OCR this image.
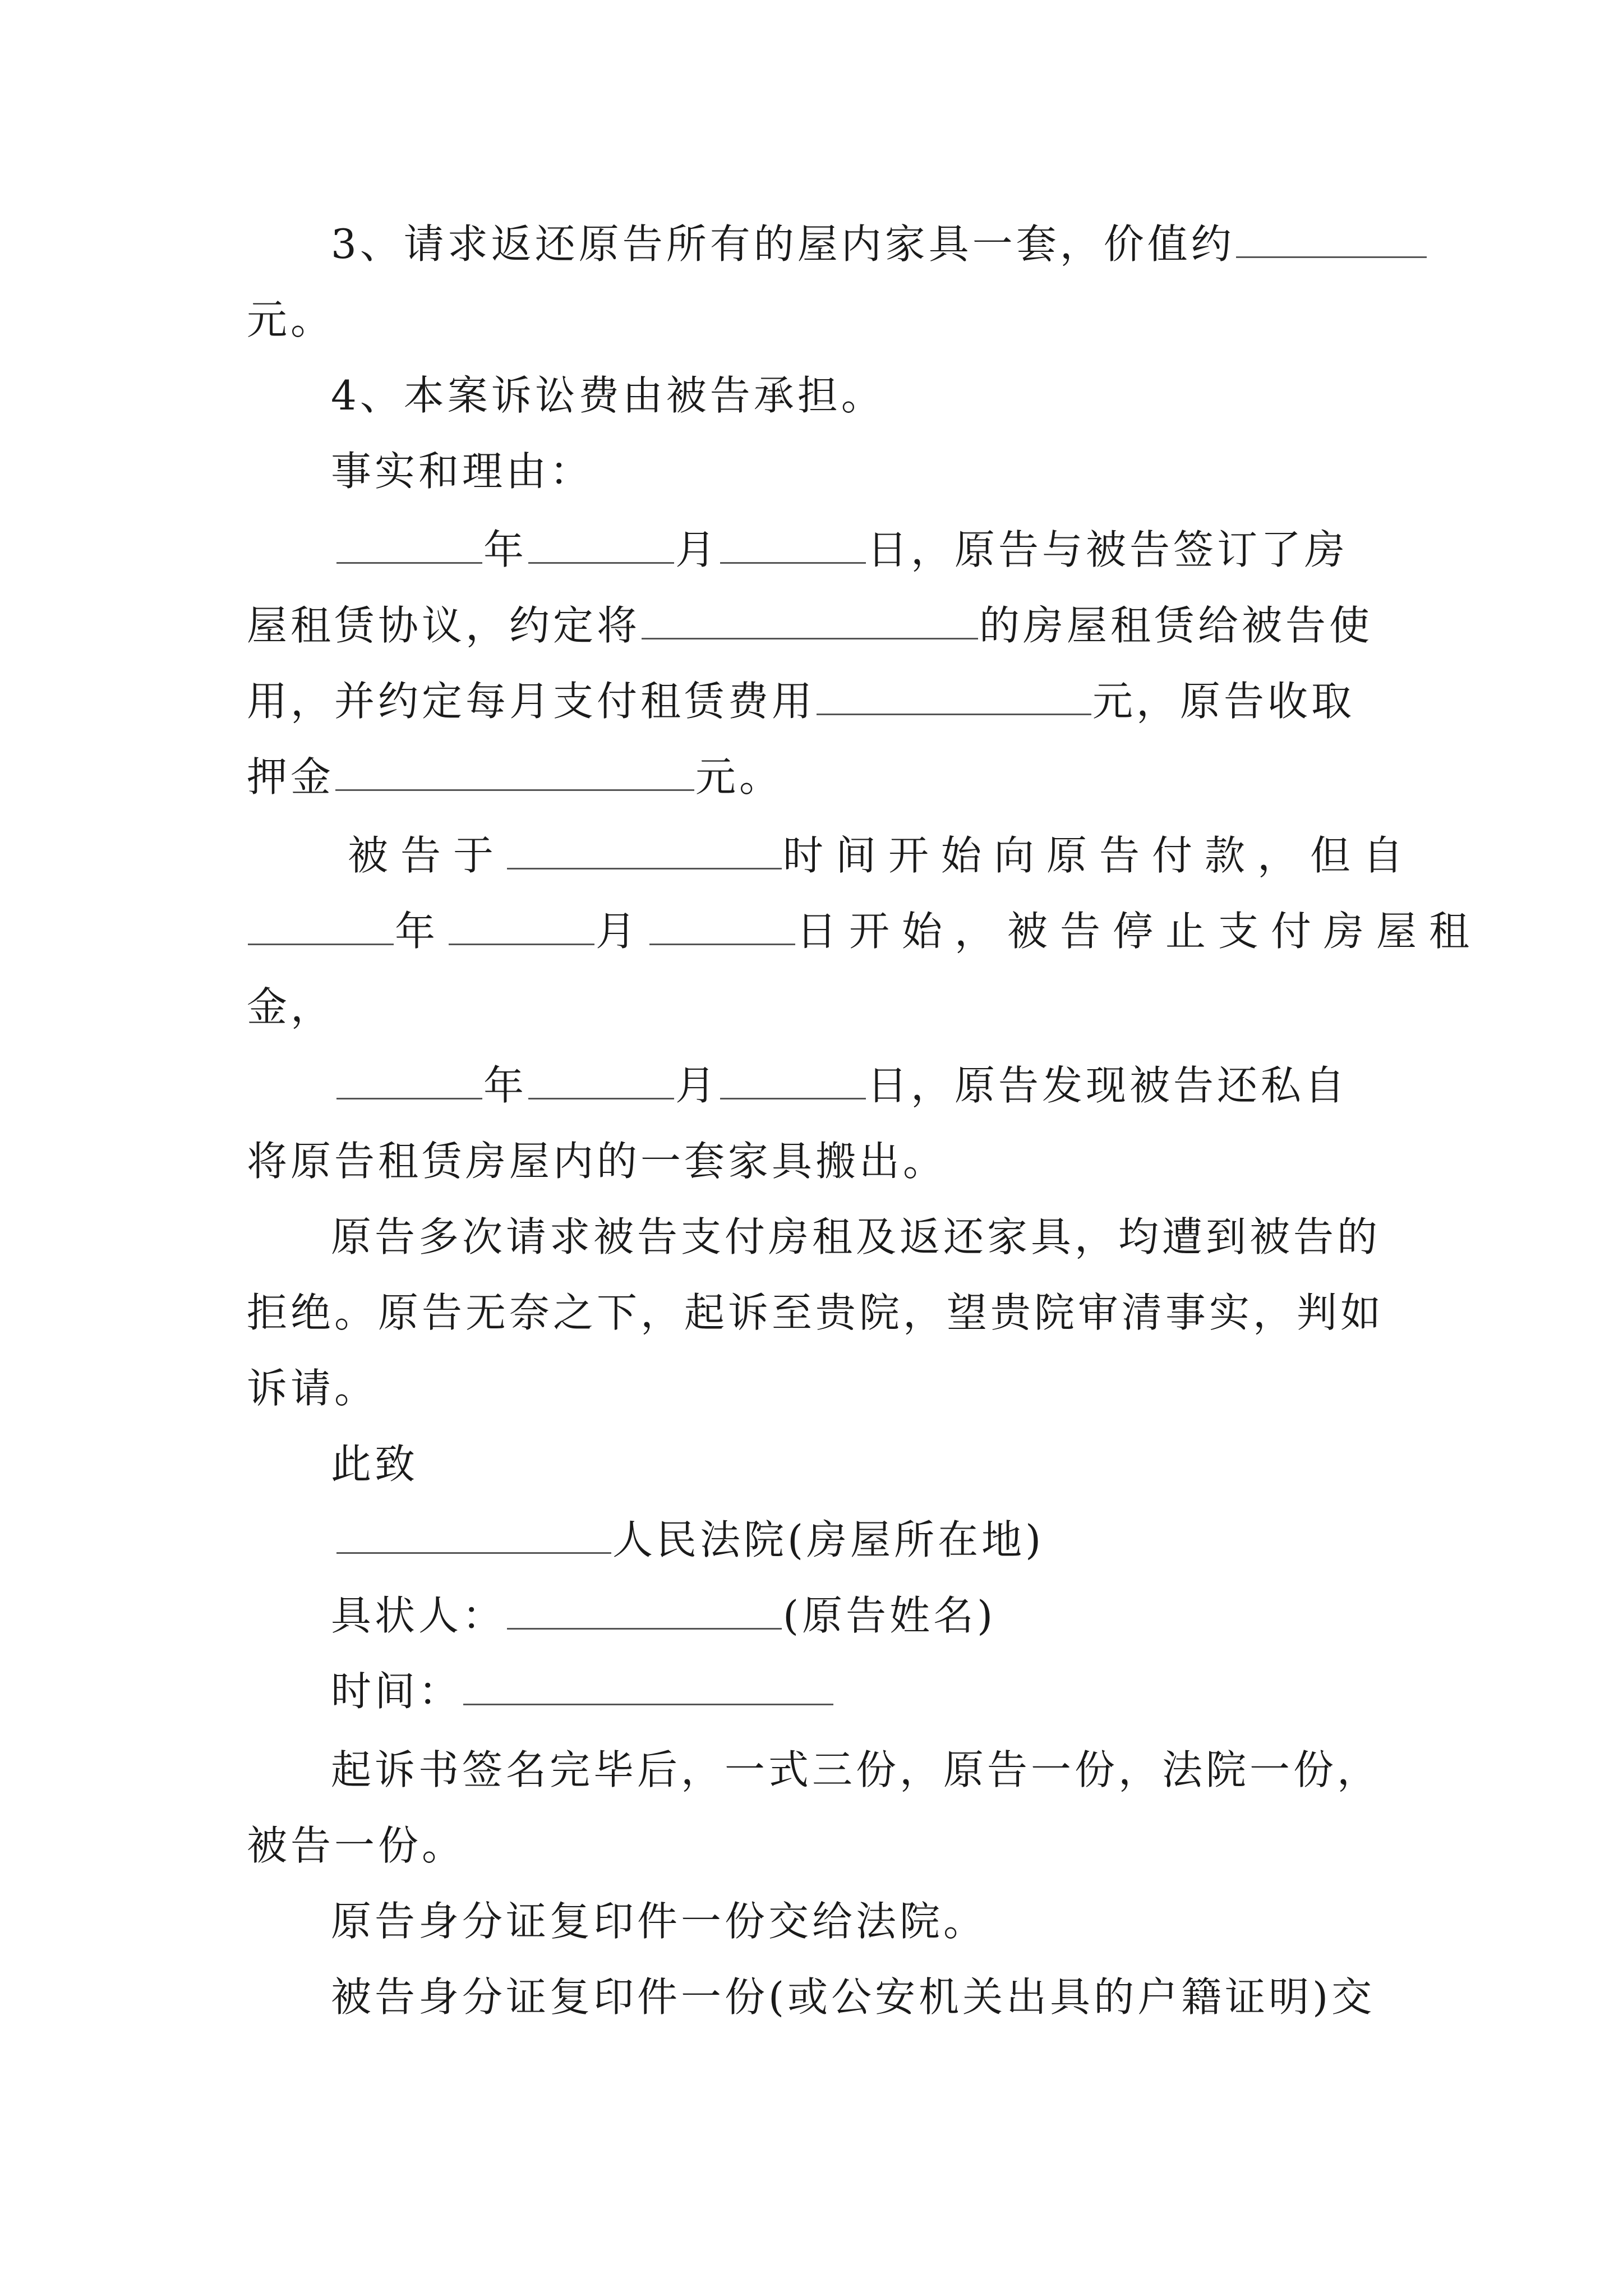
3、请求返还原告所有的屋内家具一套，价值约
元。
4、本案诉讼费由被告承担。
事实和理由：
年	月	日，原告与被告签订了房
屋租赁协议，约定将	的房屋租赁给被告使
用，并约定每月支付租赁费用	元，原告收取
押金	元。
被告于	时间开始向原告付款，但自
年	月	日开始，被告停止支付房屋租
金，
年	月	日，原告发现被告还私自
将原告租赁房屋内的一套家具搬出。
原告多次请求被告支付房租及返还家具，均遭到被告的
拒绝。原告无奈之下，起诉至贵院，望贵院审清事实，判如
诉请。
此致
人民法院(房屋所在地)
具状人：	(原告姓名)
时间：
起诉书签名完毕后，一式三份，原告一份，法院一份，
被告一份。
原告身分证复印件一份交给法院。
被告身分证复印件一份(或公安机关出具的户籍证明)交
